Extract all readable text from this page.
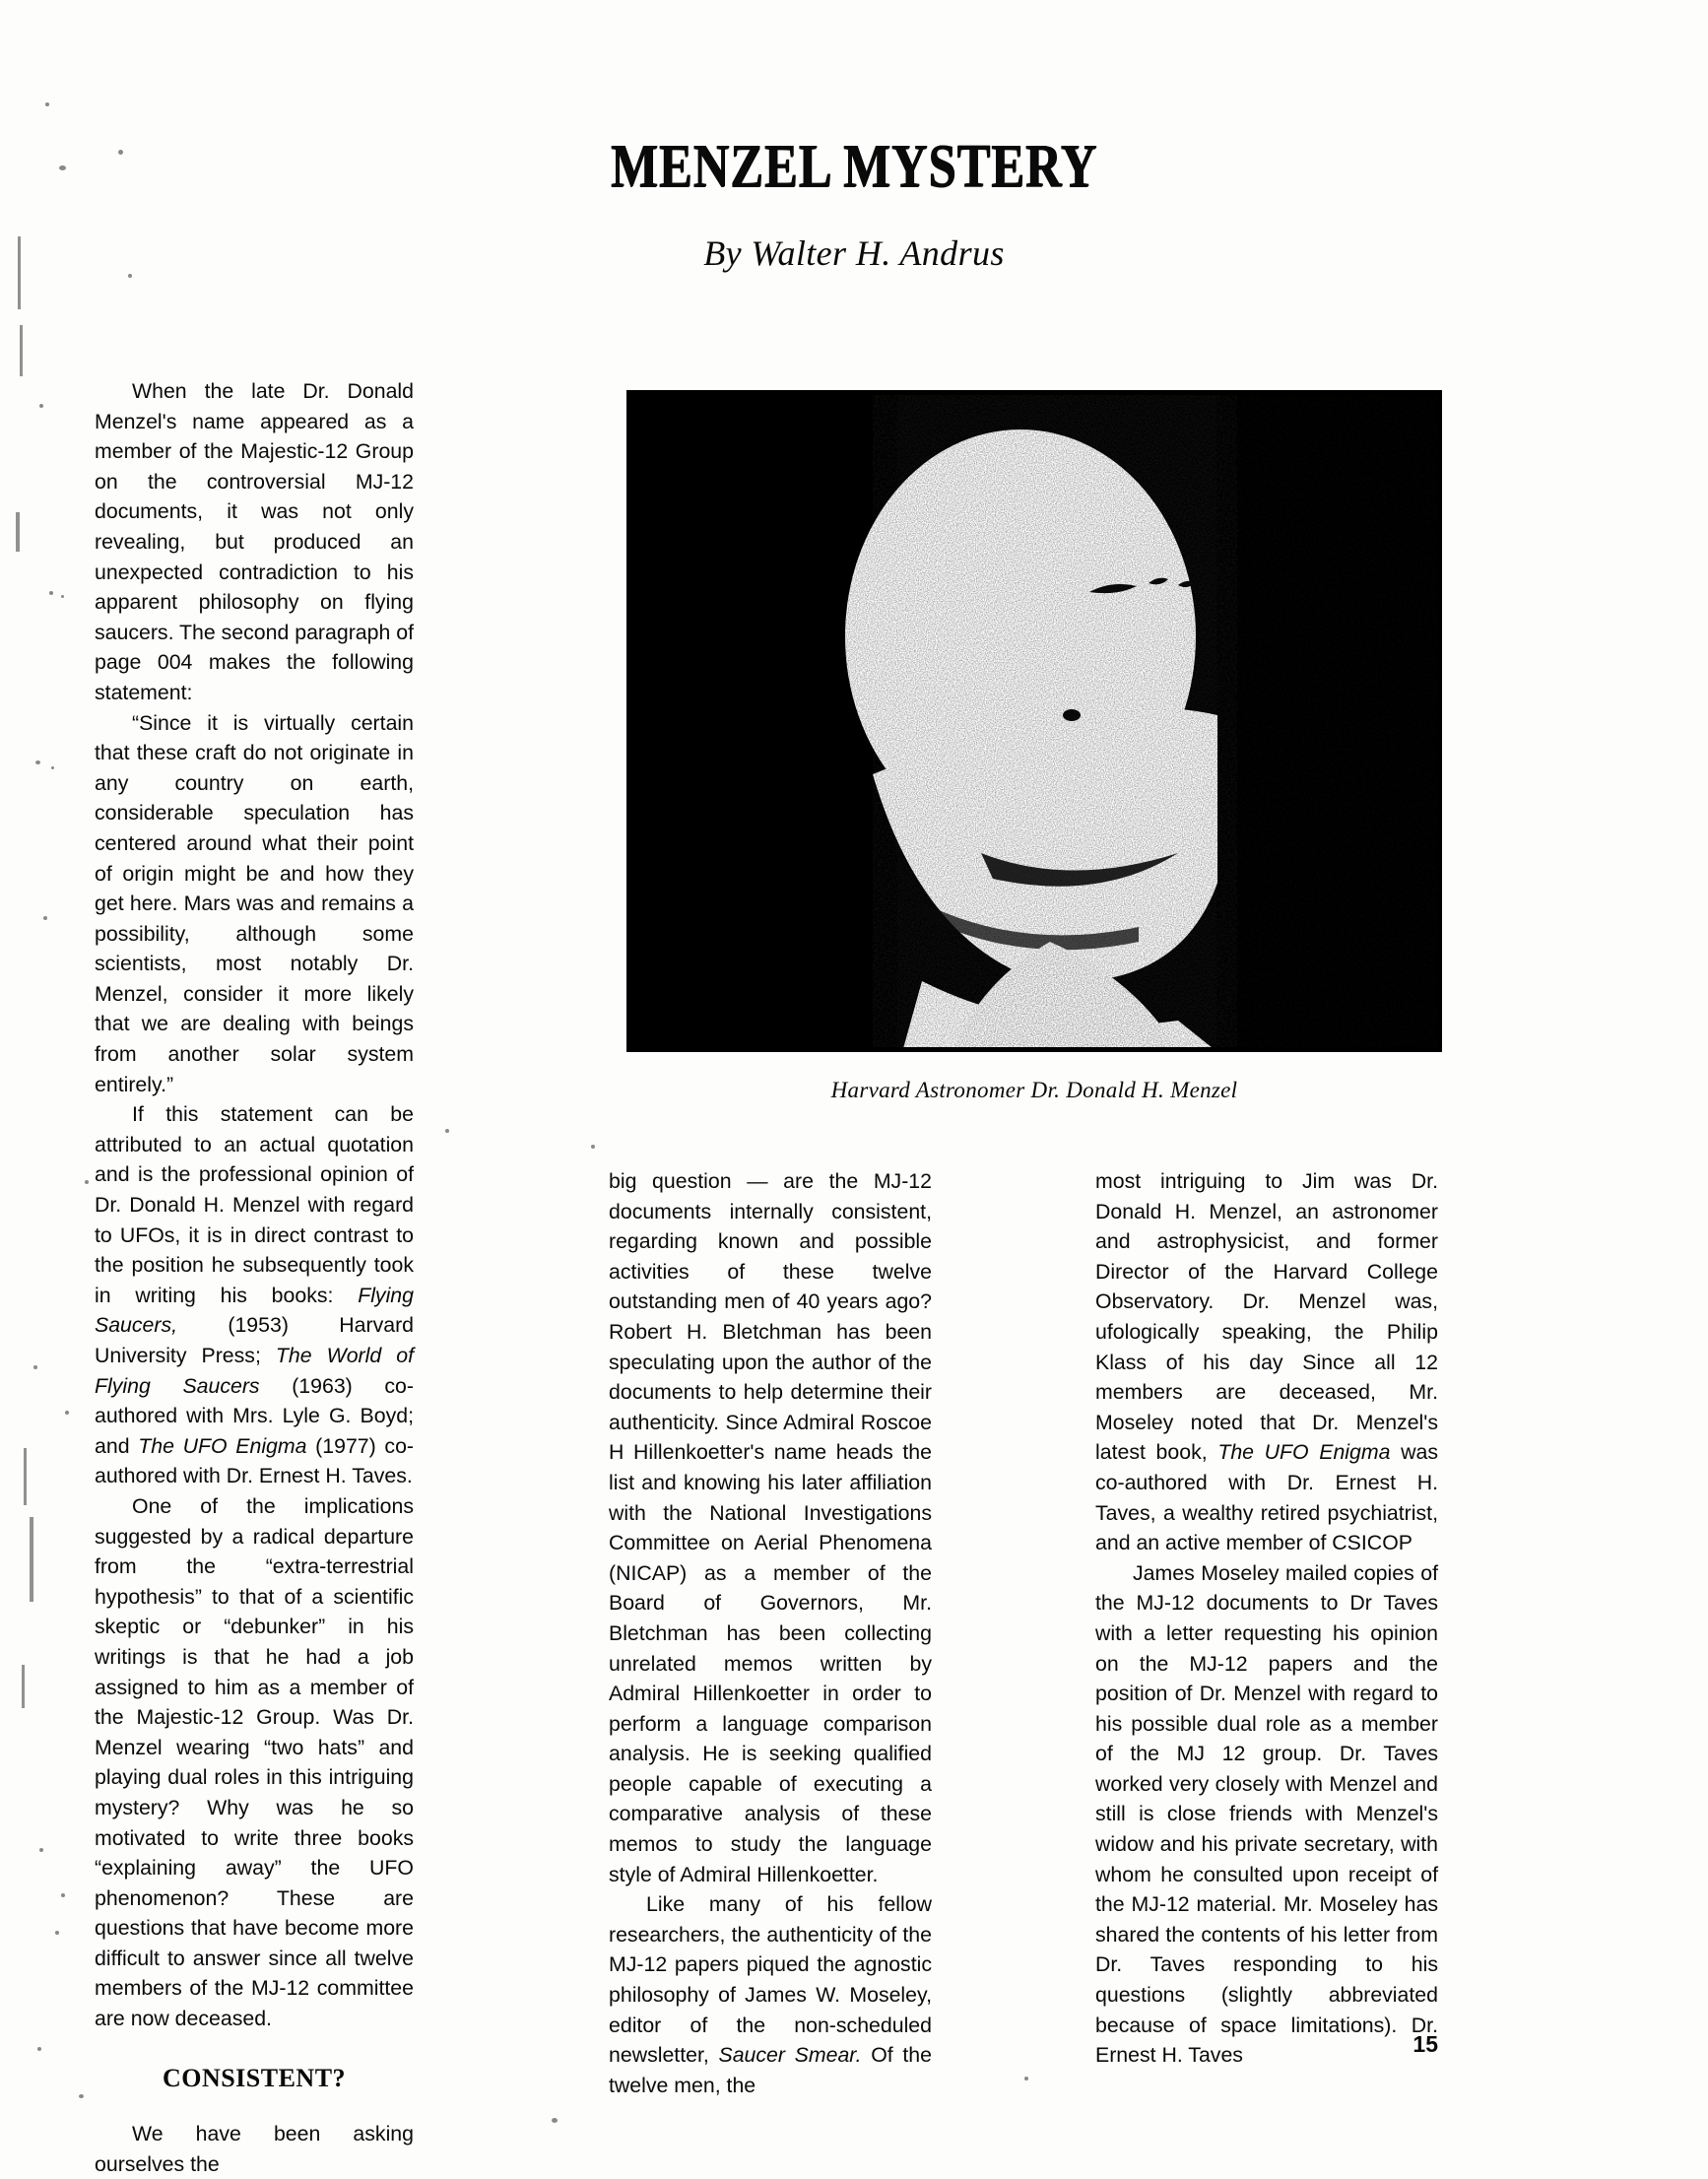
MENZEL MYSTERY
By Walter H. Andrus
Harvard Astronomer Dr. Donald H. Menzel

When the late Dr. Donald Menzel's name appeared as a member of the Majestic-12 Group on the controversial MJ-12 documents, it was not only revealing, but produced an unexpected contradiction to his apparent philosophy on flying saucers. The second paragraph of page 004 makes the following statement:

“Since it is virtually certain that these craft do not originate in any country on earth, considerable speculation has centered around what their point of origin might be and how they get here. Mars was and remains a possibility, although some scientists, most notably Dr. Menzel, consider it more likely that we are dealing with beings from another solar system entirely.”

If this statement can be attributed to an actual quotation and is the professional opinion of Dr. Donald H. Menzel with regard to UFOs, it is in direct contrast to the position he subsequently took in writing his books: Flying Saucers, (1953) Harvard University Press; The World of Flying Saucers (1963) co-authored with Mrs. Lyle G. Boyd; and The UFO Enigma (1977) co-authored with Dr. Ernest H. Taves.

One of the implications suggested by a radical departure from the “extra-terrestrial hypothesis” to that of a scientific skeptic or “debunker” in his writings is that he had a job assigned to him as a member of the Majestic-12 Group. Was Dr. Menzel wearing “two hats” and playing dual roles in this intriguing mystery? Why was he so motivated to write three books “explaining away” the UFO phenomenon? These are questions that have become more difficult to answer since all twelve members of the MJ-12 committee are now deceased.

CONSISTENT?

We have been asking ourselves the

big question — are the MJ-12 documents internally consistent, regarding known and possible activities of these twelve outstanding men of 40 years ago? Robert H. Bletchman has been speculating upon the author of the documents to help determine their authenticity. Since Admiral Roscoe H Hillenkoetter's name heads the list and knowing his later affiliation with the National Investigations Committee on Aerial Phenomena (NICAP) as a member of the Board of Governors, Mr. Bletchman has been collecting unrelated memos written by Admiral Hillenkoetter in order to perform a language comparison analysis. He is seeking qualified people capable of executing a comparative analysis of these memos to study the language style of Admiral Hillenkoetter.

Like many of his fellow researchers, the authenticity of the MJ-12 papers piqued the agnostic philosophy of James W. Moseley, editor of the non-scheduled newsletter, Saucer Smear. Of the twelve men, the

most intriguing to Jim was Dr. Donald H. Menzel, an astronomer and astrophysicist, and former Director of the Harvard College Observatory. Dr. Menzel was, ufologically speaking, the Philip Klass of his day Since all 12 members are deceased, Mr. Moseley noted that Dr. Menzel's latest book, The UFO Enigma was co-authored with Dr. Ernest H. Taves, a wealthy retired psychiatrist, and an active member of CSICOP

James Moseley mailed copies of the MJ-12 documents to Dr Taves with a letter requesting his opinion on the MJ-12 papers and the position of Dr. Menzel with regard to his possible dual role as a member of the MJ 12 group. Dr. Taves worked very closely with Menzel and still is close friends with Menzel's widow and his private secretary, with whom he consulted upon receipt of the MJ-12 material. Mr. Moseley has shared the contents of his letter from Dr. Taves responding to his questions (slightly abbreviated because of space limitations). Dr. Ernest H. Taves	15
